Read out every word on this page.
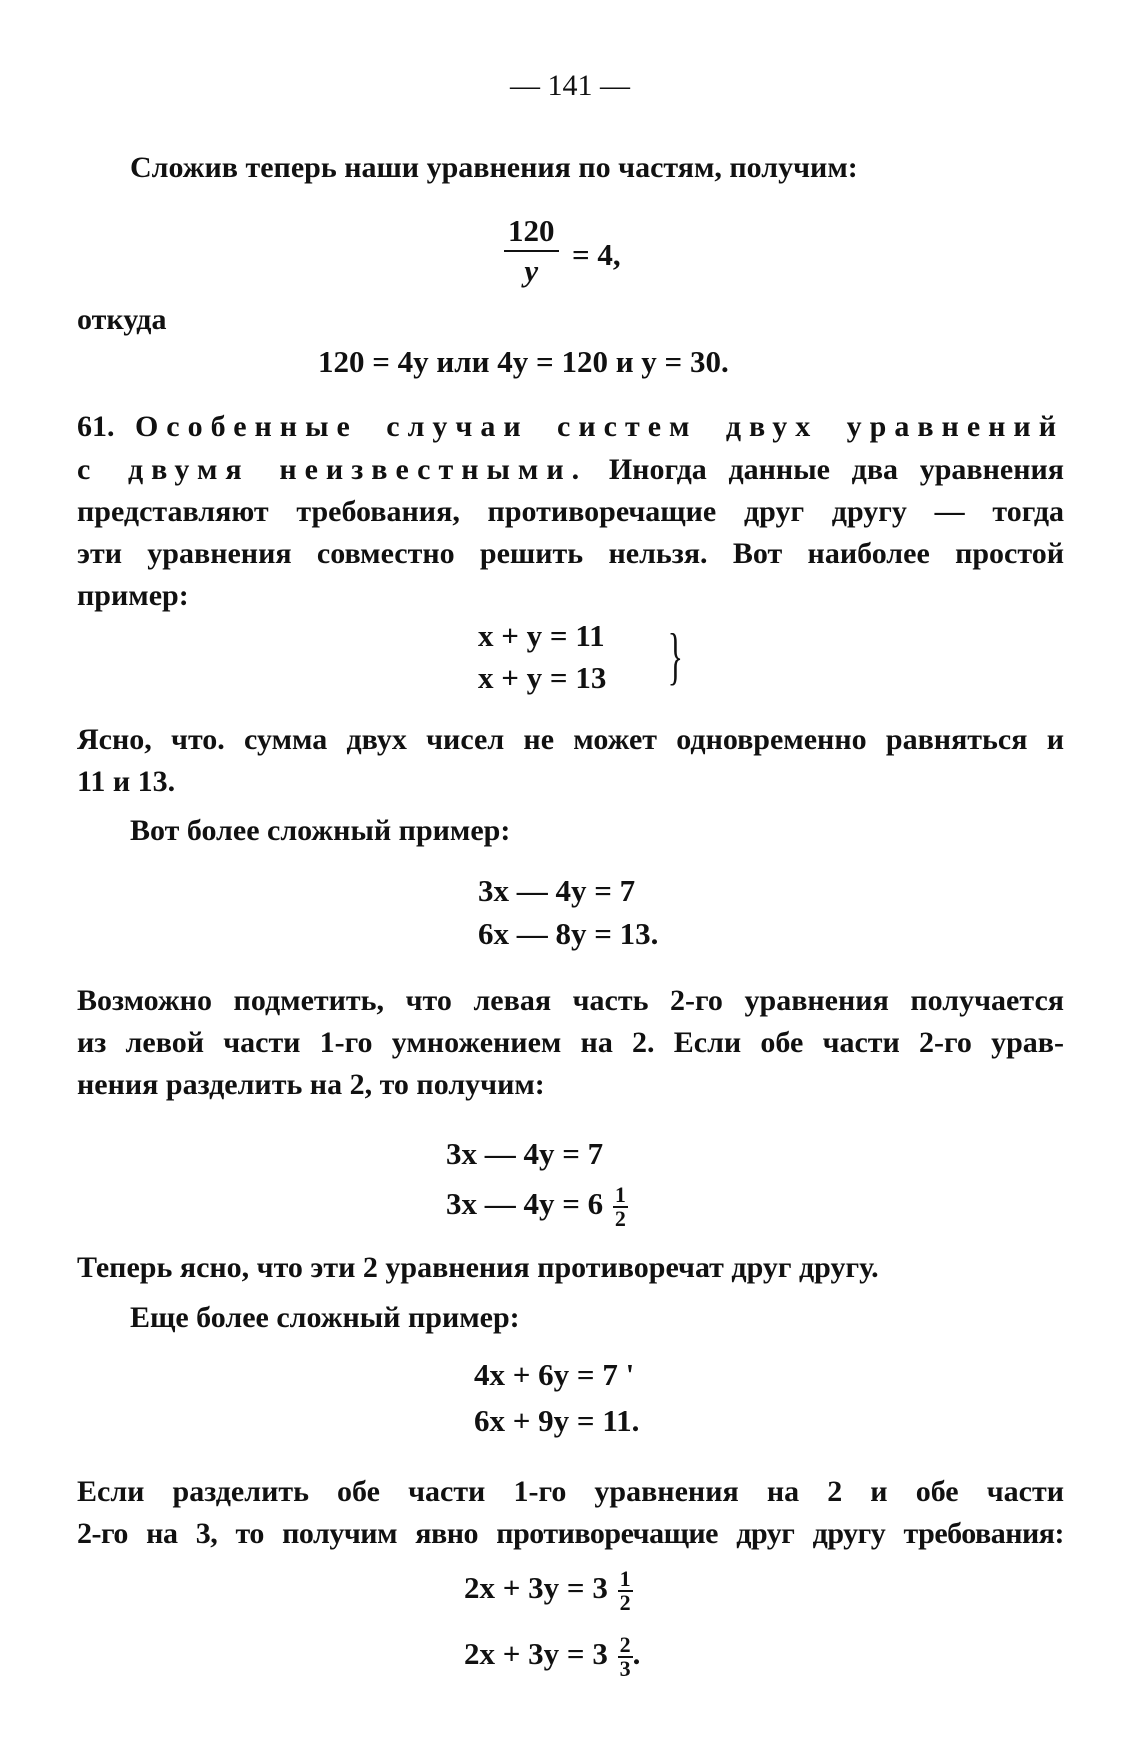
— 141 —
Сложив теперь наши уравнения по частям, получим:
$\frac{120}{y} = 4$,
откуда
120 = 4y или 4y = 120 и y = 30.
61. Особенные случаи систем двух уравнений
с двумя неизвестными. Иногда данные два уравнения
представляют требования, противоречащие друг другу — тогда
эти уравнения совместно решить нельзя. Вот наиболее простой
пример:
x + y = 11
x + y = 13 }
Ясно, что. сумма двух чисел не может одновременно равняться и
11 и 13.
Вот более сложный пример:
3x — 4y = 7
6x — 8y = 13.
Возможно подметить, что левая часть 2-го уравнения получается
из левой части 1-го умножением на 2. Если обе части 2-го урав-
нения разделить на 2, то получим:
3x — 4y = 7
3x — $4y = 6 \frac{1}{2}$
Теперь ясно, что эти 2 уравнения противоречат друг другу.
Еще более сложный пример:
4x + 6y = 7 '
6x + 9y = 11.
Если разделить обе части 1-го уравнения на 2 и обе части
2-го на 3, то получим явно противоречащие друг другу требования:
$2x + 3y = 3 \frac{1}{2}$
$2x + 3y = 3 \frac{2}{3}$ .
